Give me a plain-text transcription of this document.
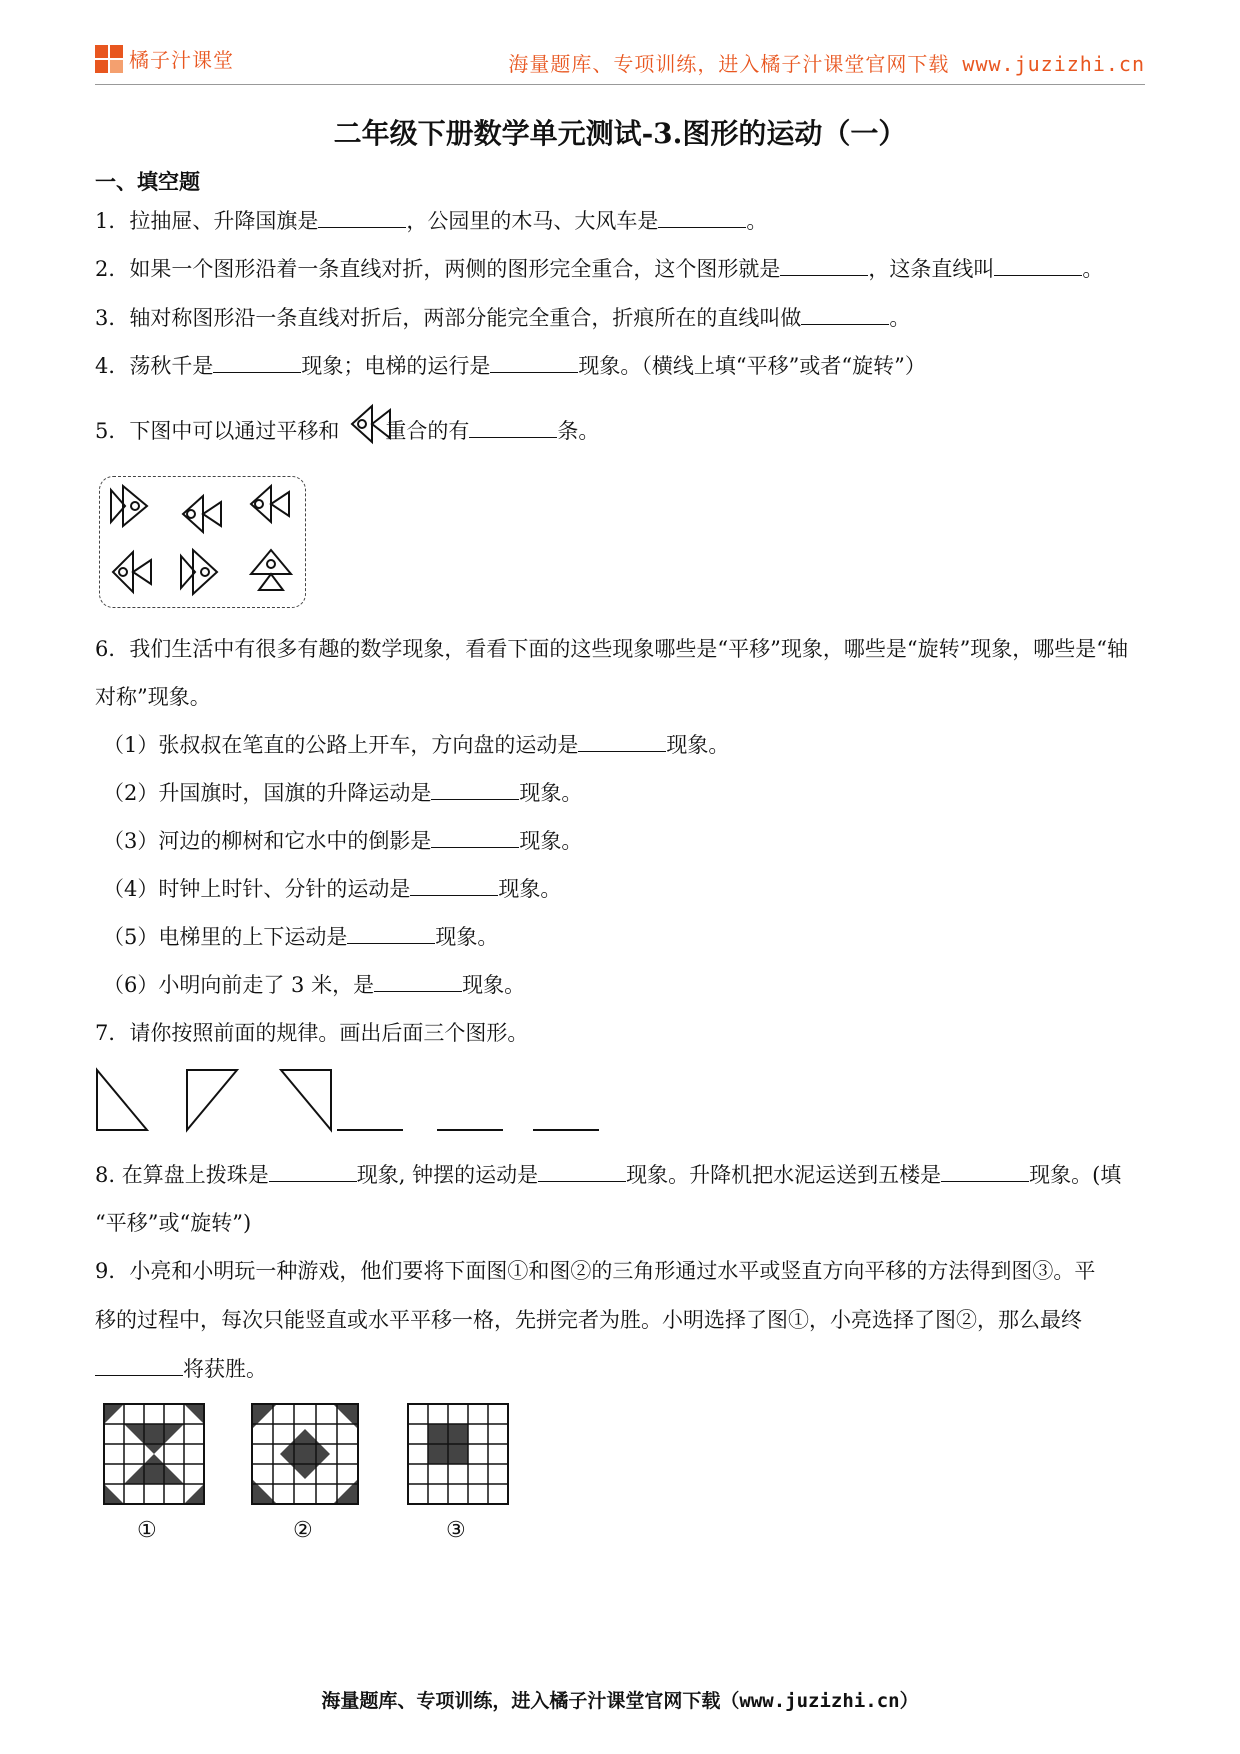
橘子汁课堂	海量题库、专项训练，进入橘子汁课堂官网下载 www.juzizhi.cn
二年级下册数学单元测试-3.图形的运动（一）
一、填空题
1．拉抽屉、升降国旗是	，公园里的木马、大风车是	。
2．如果一个图形沿着一条直线对折，两侧的图形完全重合，这个图形就是	，这条直线叫	。
3．轴对称图形沿一条直线对折后，两部分能完全重合，折痕所在的直线叫做	。
4．荡秋千是	现象；电梯的运行是	现象。（横线上填“平移”或者“旋转”）
5．下图中可以通过平移和 重合的有	条。
6．我们生活中有很多有趣的数学现象，看看下面的这些现象哪些是“平移”现象，哪些是“旋转”现象，哪些是“轴
对称”现象。
（1）张叔叔在笔直的公路上开车，方向盘的运动是	现象。
（2）升国旗时，国旗的升降运动是	现象。
（3）河边的柳树和它水中的倒影是	现象。
（4）时钟上时针、分针的运动是	现象。
（5）电梯里的上下运动是	现象。
（6）小明向前走了 3 米，是	现象。
7．请你按照前面的规律。画出后面三个图形。
8. 在算盘上拨珠是	现象, 钟摆的运动是	现象。升降机把水泥运送到五楼是	现象。(填
“平移”或“旋转”)
9．小亮和小明玩一种游戏，他们要将下面图①和图②的三角形通过水平或竖直方向平移的方法得到图③。平
移的过程中，每次只能竖直或水平平移一格，先拼完者为胜。小明选择了图①，小亮选择了图②，那么最终
将获胜。
①	②	③
海量题库、专项训练，进入橘子汁课堂官网下载（www.juzizhi.cn）
